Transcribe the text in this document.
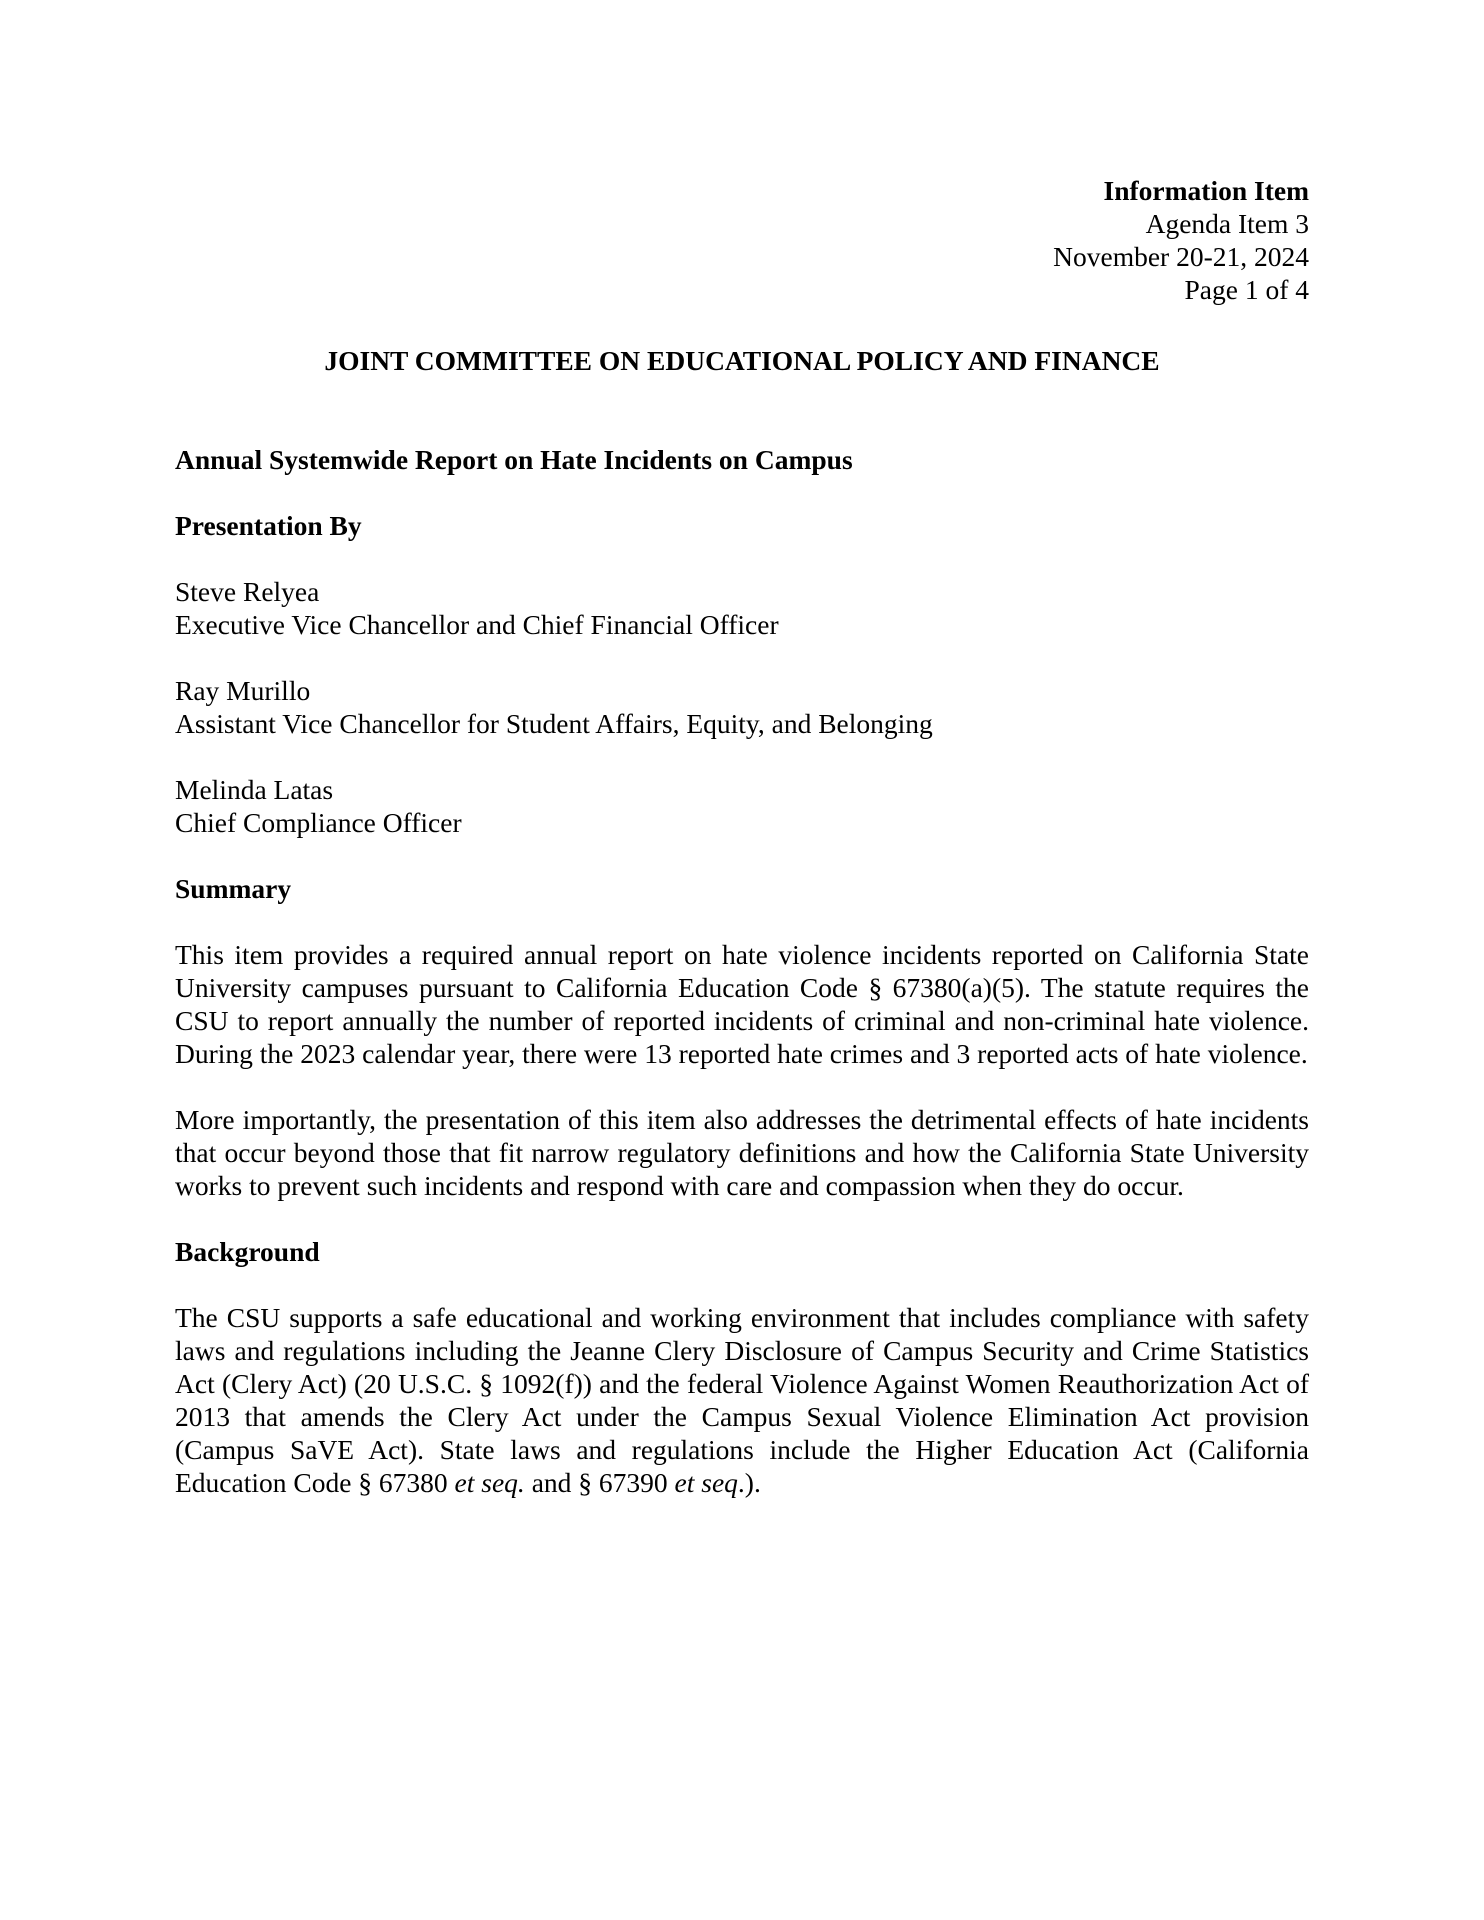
Information Item
Agenda Item 3
November 20-21, 2024
Page 1 of 4
JOINT COMMITTEE ON EDUCATIONAL POLICY AND FINANCE

Annual Systemwide Report on Hate Incidents on Campus

Presentation By

Steve Relyea
Executive Vice Chancellor and Chief Financial Officer
Ray Murillo
Assistant Vice Chancellor for Student Affairs, Equity, and Belonging
Melinda Latas
Chief Compliance Officer

Summary

This item provides a required annual report on hate violence incidents reported on California State University campuses pursuant to California Education Code § 67380(a)(5). The statute requires the CSU to report annually the number of reported incidents of criminal and non-criminal hate violence. During the 2023 calendar year, there were 13 reported hate crimes and 3 reported acts of hate violence.

More importantly, the presentation of this item also addresses the detrimental effects of hate incidents that occur beyond those that fit narrow regulatory definitions and how the California State University works to prevent such incidents and respond with care and compassion when they do occur.

Background

The CSU supports a safe educational and working environment that includes compliance with safety laws and regulations including the Jeanne Clery Disclosure of Campus Security and Crime Statistics Act (Clery Act) (20 U.S.C. § 1092(f)) and the federal Violence Against Women Reauthorization Act of 2013 that amends the Clery Act under the Campus Sexual Violence Elimination Act provision (Campus SaVE Act). State laws and regulations include the Higher Education Act (California Education Code § 67380 et seq. and § 67390 et seq.).
